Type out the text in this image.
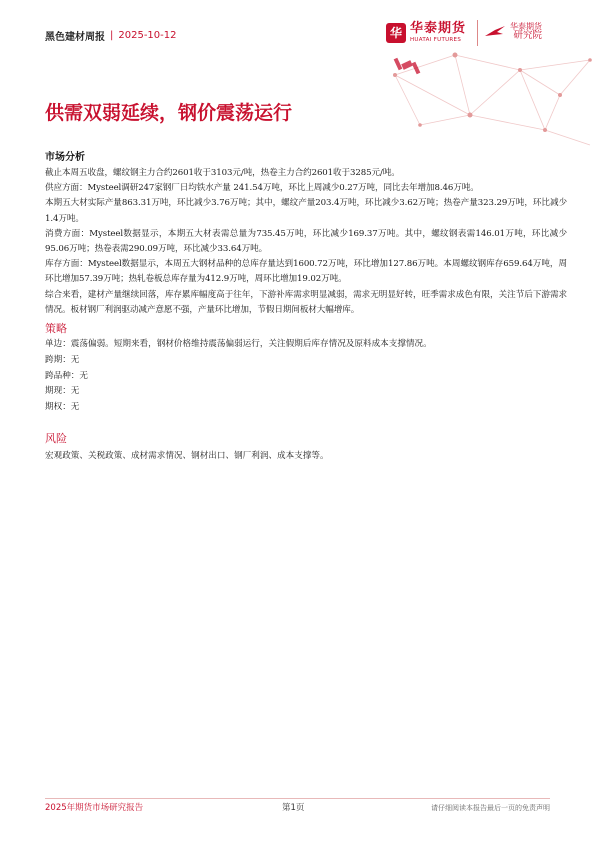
黑色建材周报 | 2025-10-12	华 华泰期货
HUATAI FUTURES
华泰期货
研究院
供需双弱延续，钢价震荡运行
市场分析

截止本周五收盘，螺纹钢主力合约2601收于3103元/吨，热卷主力合约2601收于3285元/吨。

供应方面：Mysteel调研247家钢厂日均铁水产量 241.54万吨，环比上周减少0.27万吨，同比去年增加8.46万吨。

本期五大材实际产量863.31万吨，环比减少3.76万吨；其中，螺纹产量203.4万吨，环比减少3.62万吨；热卷产量323.29万吨，环比减少1.4万吨。

消费方面：Mysteel数据显示，本期五大材表需总量为735.45万吨，环比减少169.37万吨。其中，螺纹钢表需146.01万吨，环比减少95.06万吨；热卷表需290.09万吨，环比减少33.64万吨。

库存方面：Mysteel数据显示，本周五大钢材品种的总库存量达到1600.72万吨，环比增加127.86万吨。本周螺纹钢库存659.64万吨，周环比增加57.39万吨；热轧卷板总库存量为412.9万吨，周环比增加19.02万吨。

综合来看，建材产量继续回落，库存累库幅度高于往年，下游补库需求明显减弱，需求无明显好转，旺季需求成色有限，关注节后下游需求情况。板材钢厂利润驱动减产意愿不强，产量环比增加，节假日期间板材大幅增库。

策略
单边：震荡偏弱。短期来看，钢材价格维持震荡偏弱运行，关注假期后库存情况及原料成本支撑情况。
跨期：无
跨品种：无
期现：无
期权：无
风险
宏观政策、关税政策、成材需求情况、钢材出口、钢厂利润、成本支撑等。
2025年期货市场研究报告	第1页	请仔细阅读本报告最后一页的免责声明
